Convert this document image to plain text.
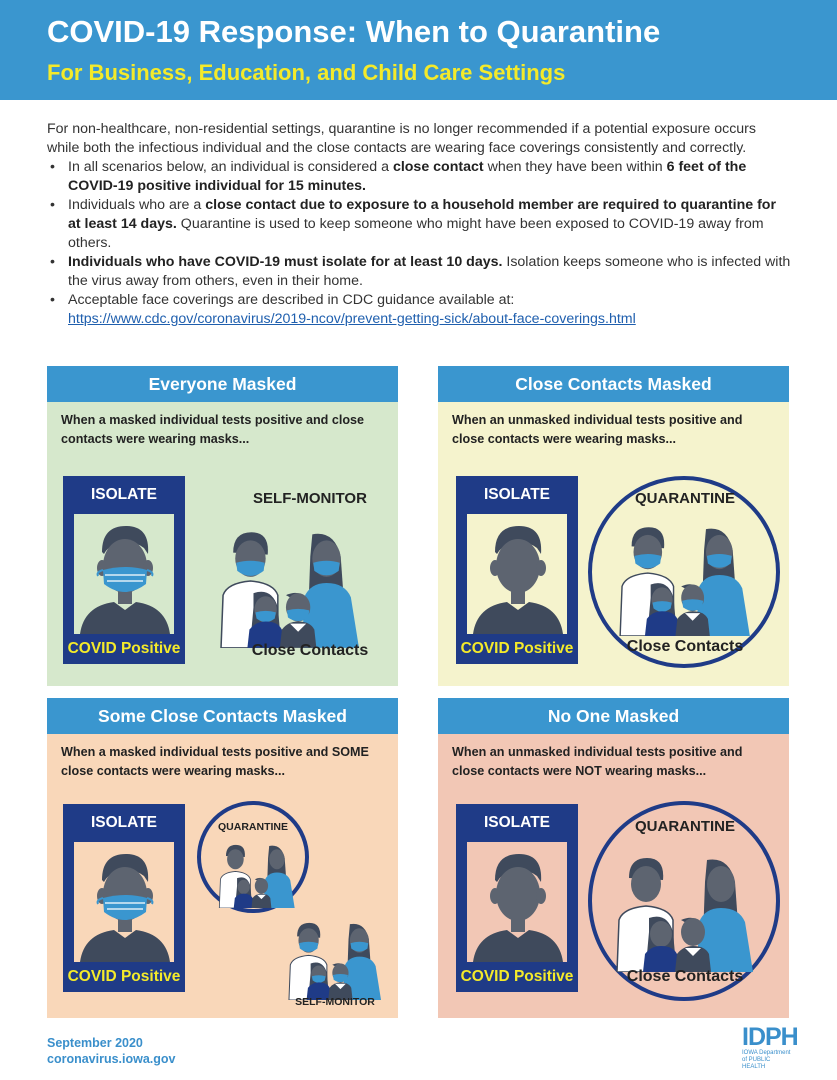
COVID-19 Response: When to Quarantine
For Business, Education, and Child Care Settings

For non-healthcare, non-residential settings, quarantine is no longer recommended if a potential exposure occurs while both the infectious individual and the close contacts are wearing face coverings consistently and correctly.

• In all scenarios below, an individual is considered a close contact when they have been within 6 feet of the COVID-19 positive individual for 15 minutes.
• Individuals who are a close contact due to exposure to a household member are required to quarantine for at least 14 days. Quarantine is used to keep someone who might have been exposed to COVID-19 away from others.
• Individuals who have COVID-19 must isolate for at least 10 days. Isolation keeps someone who is infected with the virus away from others, even in their home.
• Acceptable face coverings are described in CDC guidance available at:
https://www.cdc.gov/coronavirus/2019-ncov/prevent-getting-sick/about-face-coverings.html
Everyone Masked
When a masked individual tests positive and close contacts were wearing masks...
ISOLATE
COVID Positive
SELF-MONITOR
Close Contacts
Close Contacts Masked
When an unmasked individual tests positive and close contacts were wearing masks...
ISOLATE
COVID Positive
QUARANTINE
Close Contacts
Some Close Contacts Masked
When a masked individual tests positive and SOME close contacts were wearing masks...
ISOLATE
COVID Positive
QUARANTINE
SELF-MONITOR
No One Masked
When an unmasked individual tests positive and close contacts were NOT wearing masks...
ISOLATE
COVID Positive
QUARANTINE
Close Contacts
September 2020
coronavirus.iowa.gov
IDPH
IOWA Department
of PUBLIC HEALTH
